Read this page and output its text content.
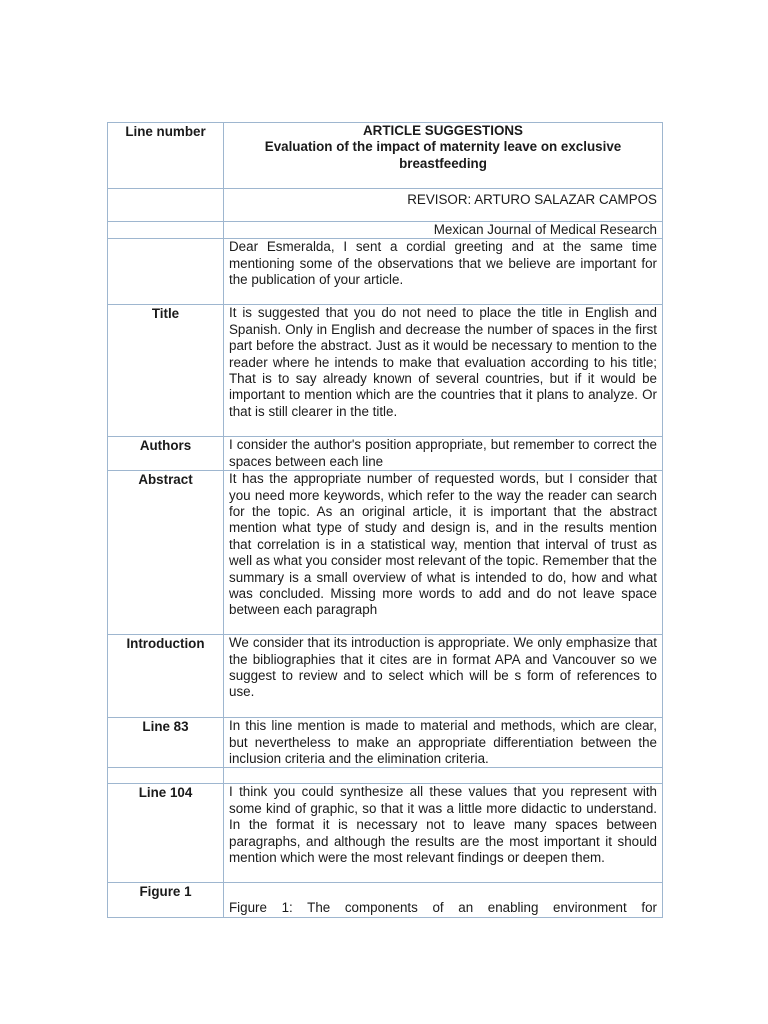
Line number	ARTICLE SUGGESTIONS
Evaluation of the impact of maternity leave on exclusive breastfeeding

	REVISOR: ARTURO SALAZAR CAMPOS

	Mexican Journal of Medical Research

	Dear Esmeralda, I sent a cordial greeting and at the same time mentioning some of the observations that we believe are important for the publication of your article.
Title	It is suggested that you do not need to place the title in English and Spanish. Only in English and decrease the number of spaces in the first part before the abstract. Just as it would be necessary to mention to the reader where he intends to make that evaluation according to his title; That is to say already known of several countries, but if it would be important to mention which are the countries that it plans to analyze. Or that is still clearer in the title.
Authors	I consider the author's position appropriate, but remember to correct the spaces between each line
Abstract	It has the appropriate number of requested words, but I consider that you need more keywords, which refer to the way the reader can search for the topic. As an original article, it is important that the abstract mention what type of study and design is, and in the results mention that correlation is in a statistical way, mention that interval of trust as well as what you consider most relevant of the topic. Remember that the summary is a small overview of what is intended to do, how and what was concluded. Missing more words to add and do not leave space between each paragraph
Introduction	We consider that its introduction is appropriate. We only emphasize that the bibliographies that it cites are in format APA and Vancouver so we suggest to review and to select which will be s form of references to use.
Line 83	In this line mention is made to material and methods, which are clear, but nevertheless to make an appropriate differentiation between the inclusion criteria and the elimination criteria.

Line 104	I think you could synthesize all these values that you represent with some kind of graphic, so that it was a little more didactic to understand. In the format it is necessary not to leave many spaces between paragraphs, and although the results are the most important it should mention which were the most relevant findings or deepen them.
Figure 1	Figure 1: The components of an enabling environment for
